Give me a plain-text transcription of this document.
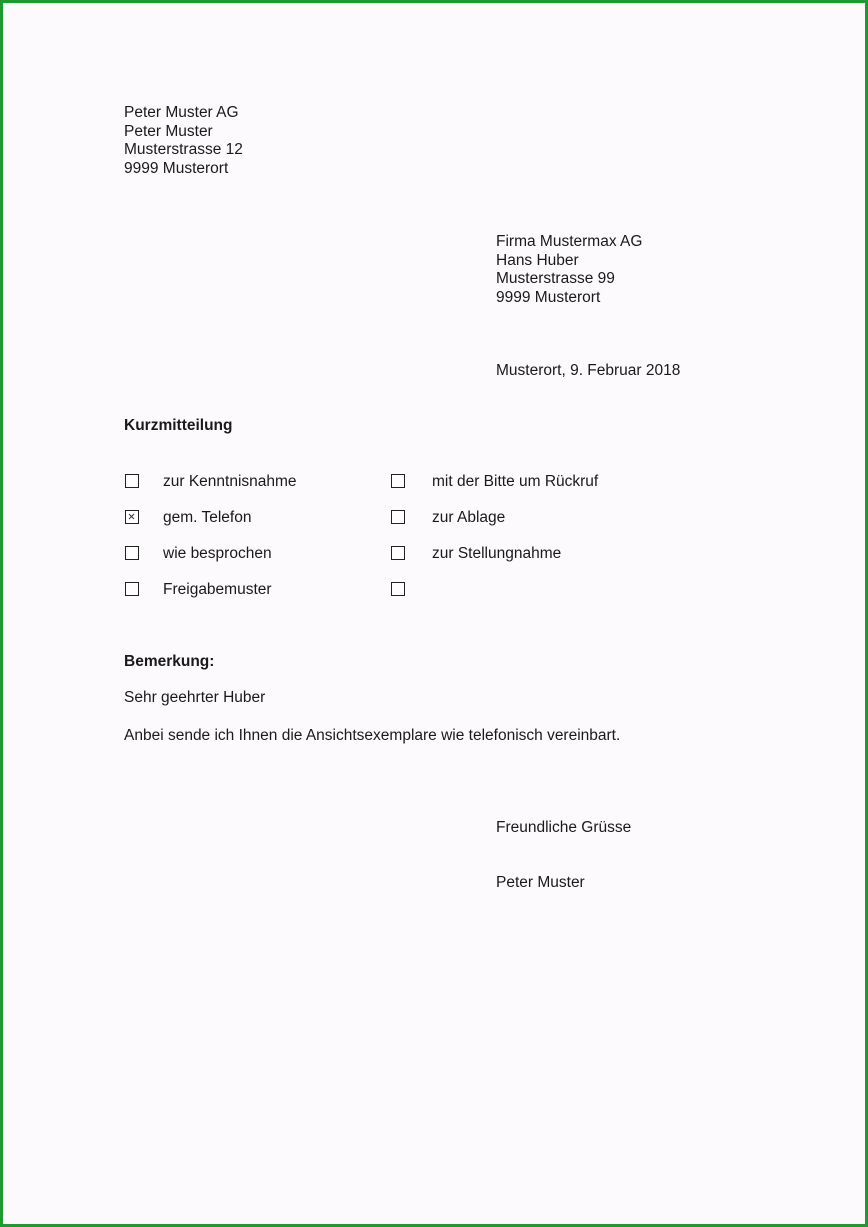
Peter Muster AG
Peter Muster
Musterstrasse 12
9999 Musterort
Firma Mustermax AG
Hans Huber
Musterstrasse 99
9999 Musterort
Musterort, 9. Februar 2018
Kurzmitteilung
zur Kenntnisnahme	mit der Bitte um Rückruf
gem. Telefon	zur Ablage
wie besprochen	zur Stellungnahme
Freigabemuster
Bemerkung:
Sehr geehrter Huber
Anbei sende ich Ihnen die Ansichtsexemplare wie telefonisch vereinbart.
Freundliche Grüsse
Peter Muster
